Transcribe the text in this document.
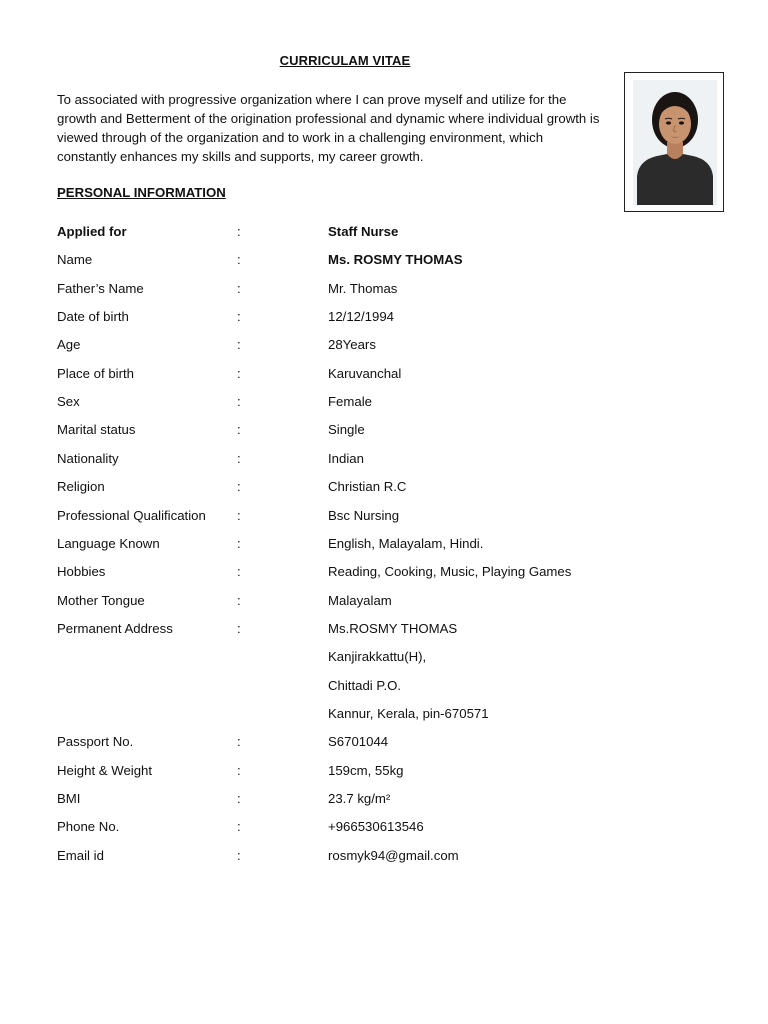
CURRICULAM VITAE
To associated with progressive organization where I can prove myself and utilize for the growth and Betterment of the origination professional and dynamic where individual growth is viewed through of the organization and to work in a challenging environment, which constantly enhances my skills and supports, my career growth.
PERSONAL INFORMATION
Applied for	:	Staff Nurse
Name	:	Ms. ROSMY THOMAS
Father’s Name	:	Mr. Thomas
Date of birth	:	12/12/1994
Age	:	28Years
Place of birth	:	Karuvanchal
Sex	:	Female
Marital status	:	Single
Nationality	:	Indian
Religion	:	Christian R.C
Professional Qualification :	Bsc Nursing
Language Known	:	English, Malayalam, Hindi.
Hobbies	:	Reading, Cooking, Music, Playing Games
Mother Tongue	:	Malayalam
Permanent Address	:	Ms.ROSMY THOMAS
Kanjirakkattu(H),
Chittadi P.O.
Kannur, Kerala, pin-670571
Passport No.	:	S6701044
Height & Weight	:	159cm, 55kg
BMI	:	23.7 kg/m²
Phone No.	:	+966530613546
Email id	:	rosmyk94@gmail.com
